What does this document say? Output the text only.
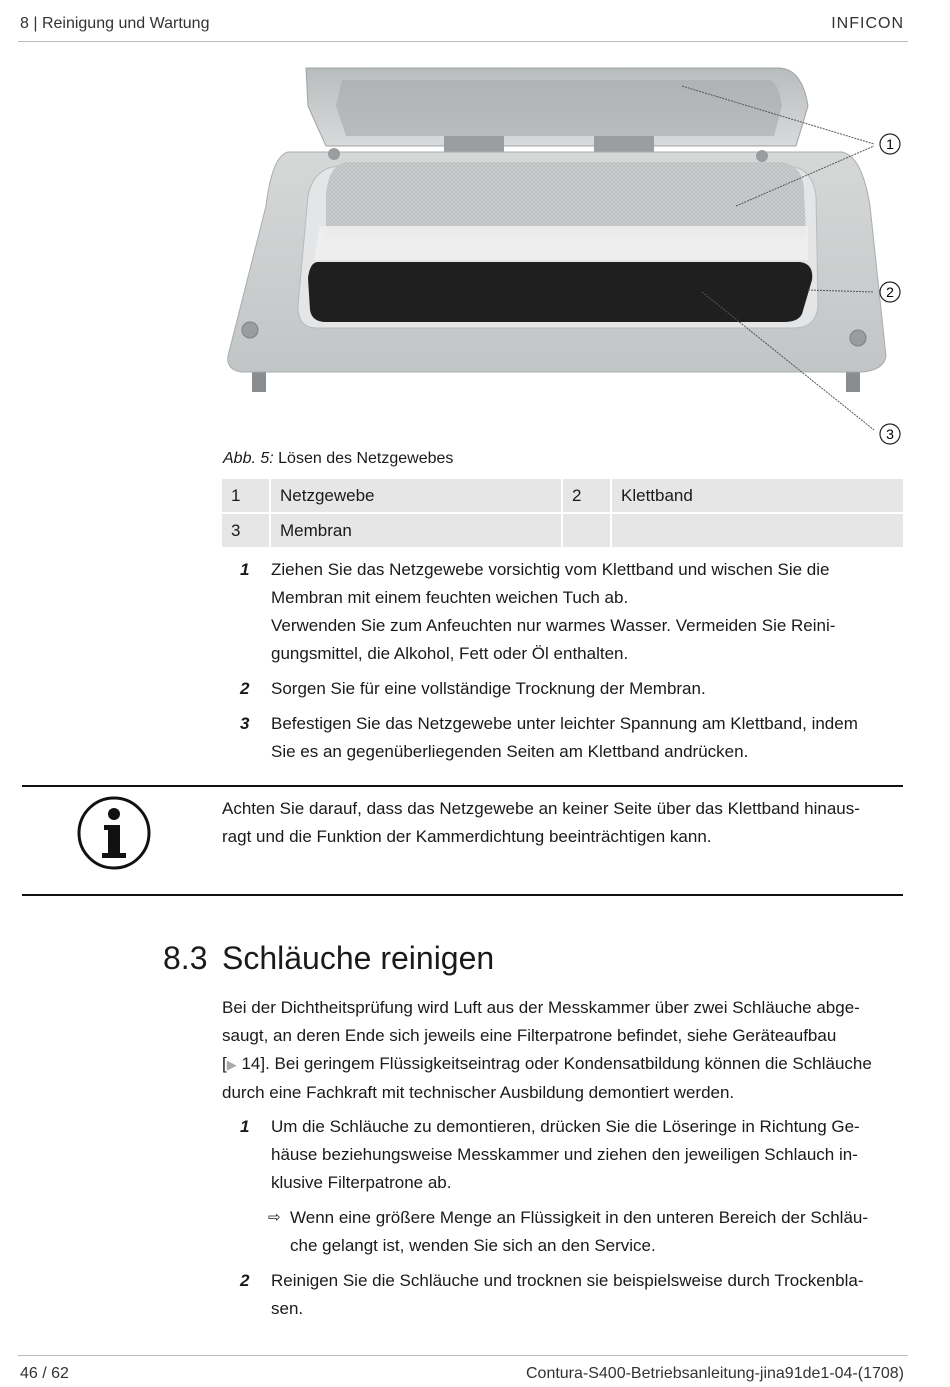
8 | Reinigung und Wartung	INFICON
1
2
3
Abb. 5: Lösen des Netzgewebes
1	Netzgewebe	2	Klettband
3	Membran		
1 Ziehen Sie das Netzgewebe vorsichtig vom Klettband und wischen Sie die
Membran mit einem feuchten weichen Tuch ab.
Verwenden Sie zum Anfeuchten nur warmes Wasser. Vermeiden Sie Reini-
gungsmittel, die Alkohol, Fett oder Öl enthalten.
2 Sorgen Sie für eine vollständige Trocknung der Membran.
3 Befestigen Sie das Netzgewebe unter leichter Spannung am Klettband, indem
Sie es an gegenüberliegenden Seiten am Klettband andrücken.
Achten Sie darauf, dass das Netzgewebe an keiner Seite über das Klettband hinaus-
ragt und die Funktion der Kammerdichtung beeinträchtigen kann.
8.3 Schläuche reinigen
Bei der Dichtheitsprüfung wird Luft aus der Messkammer über zwei Schläuche abge-
saugt, an deren Ende sich jeweils eine Filterpatrone befindet, siehe Geräteaufbau
[▶ 14]. Bei geringem Flüssigkeitseintrag oder Kondensatbildung können die Schläuche
durch eine Fachkraft mit technischer Ausbildung demontiert werden.
1 Um die Schläuche zu demontieren, drücken Sie die Löseringe in Richtung Ge-
häuse beziehungsweise Messkammer und ziehen den jeweiligen Schlauch in-
klusive Filterpatrone ab.
⇨ Wenn eine größere Menge an Flüssigkeit in den unteren Bereich der Schläu-
che gelangt ist, wenden Sie sich an den Service.
2 Reinigen Sie die Schläuche und trocknen sie beispielsweise durch Trockenbla-
sen.
46 / 62	Contura-S400-Betriebsanleitung-jina91de1-04-(1708)
